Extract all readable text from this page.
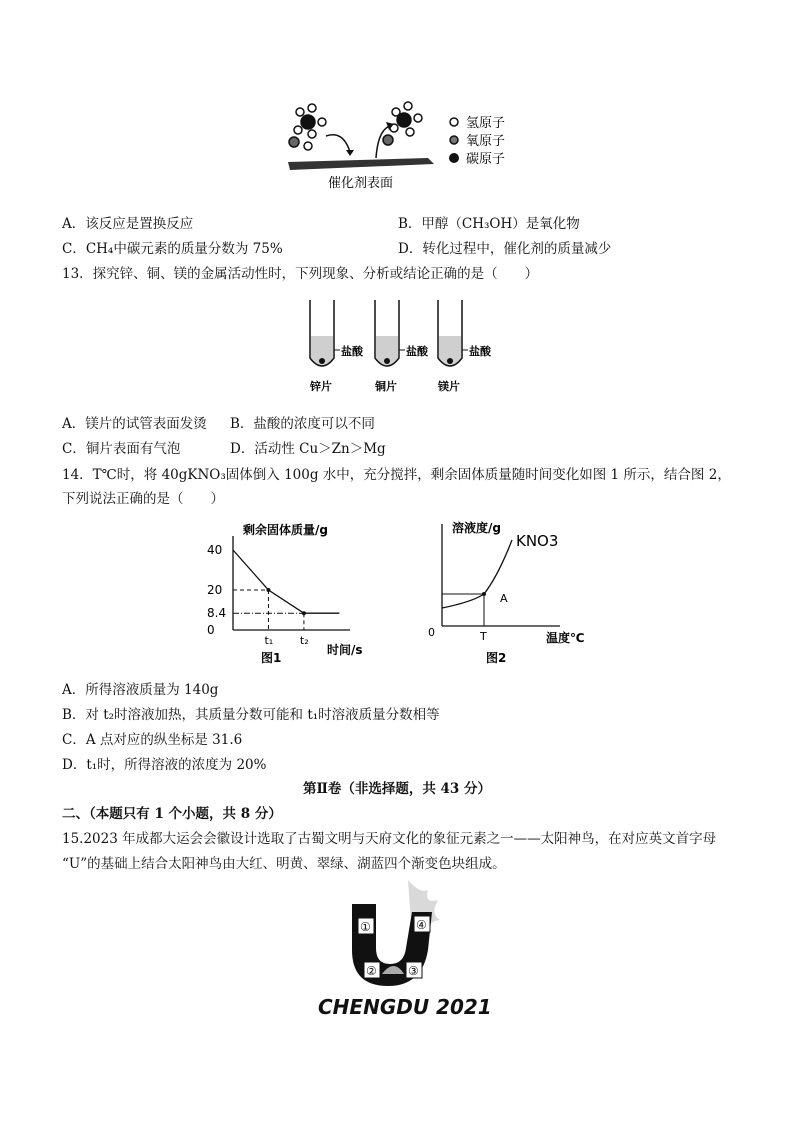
氢原子
氧原子
碳原子
催化剂表面
A．该反应是置换反应	B．甲醇（CH₃OH）是氧化物
C．CH₄中碳元素的质量分数为 75%	D．转化过程中，催化剂的质量减少
13．探究锌、铜、镁的金属活动性时，下列现象、分析或结论正确的是（　　）
盐酸	盐酸	盐酸
锌片	铜片	镁片
A．镁片的试管表面发烫 B．盐酸的浓度可以不同
C．铜片表面有气泡	D．活动性 Cu＞Zn＞Mg
14．T℃时，将 40gKNO₃固体倒入 100g 水中，充分搅拌，剩余固体质量随时间变化如图 1 所示，结合图 2，
下列说法正确的是（　　）
剩余固体质量/g
0
8.4
20
40
t₁ t₂
时间/s
图1
溶液度/g
A
KNO3
0	T	温度℃
图2
A．所得溶液质量为 140g
B．对 t₂时溶液加热，其质量分数可能和 t₁时溶液质量分数相等
C．A 点对应的纵坐标是 31.6
D．t₁时，所得溶液的浓度为 20%
第Ⅱ卷（非选择题，共 43 分）
二、（本题只有 1 个小题，共 8 分）
15.2023 年成都大运会会徽设计选取了古蜀文明与天府文化的象征元素之一——太阳神鸟，在对应英文首字母
“U”的基础上结合太阳神鸟由大红、明黄、翠绿、湖蓝四个渐变色块组成。
①	④
②	③
CHENGDU 2021
